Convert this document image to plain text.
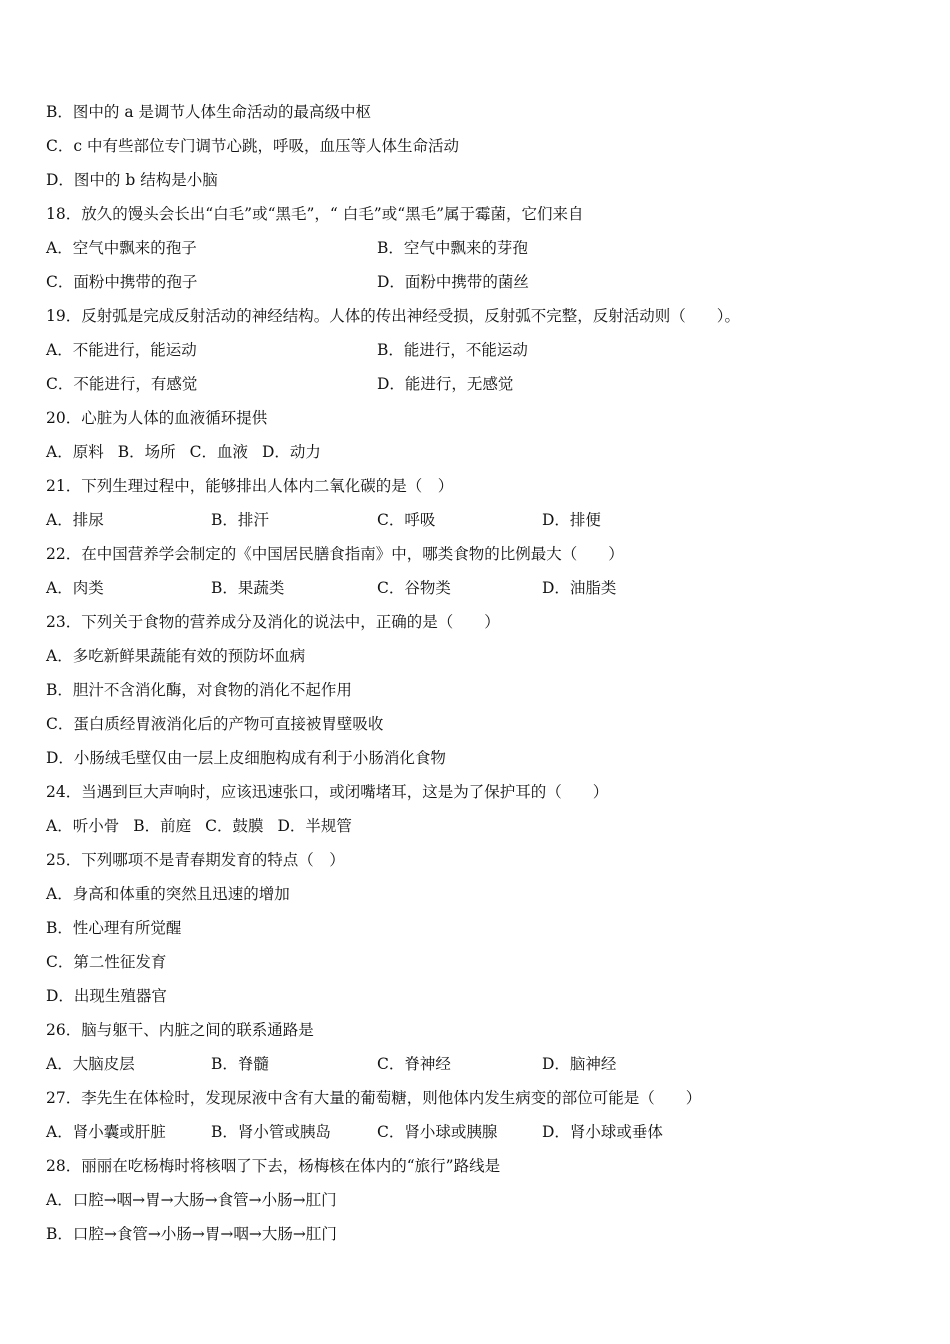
B．图中的 a 是调节人体生命活动的最高级中枢
C．c 中有些部位专门调节心跳，呼吸，血压等人体生命活动
D．图中的 b 结构是小脑
18．放久的馒头会长出“白毛”或“黑毛”，“ 白毛”或“黑毛”属于霉菌，它们来自
A．空气中飘来的孢子	B．空气中飘来的芽孢
C．面粉中携带的孢子	D．面粉中携带的菌丝
19．反射弧是完成反射活动的神经结构。人体的传出神经受损，反射弧不完整，反射活动则（　　）。
A．不能进行，能运动	B．能进行，不能运动
C．不能进行，有感觉	D．能进行，无感觉
20．心脏为人体的血液循环提供
A．原料 B．场所 C．血液 D．动力
21．下列生理过程中，能够排出人体内二氧化碳的是（　）
A．排尿	B．排汗	C．呼吸	D．排便
22．在中国营养学会制定的《中国居民膳食指南》中，哪类食物的比例最大（　　）
A．肉类	B．果蔬类	C．谷物类	D．油脂类
23．下列关于食物的营养成分及消化的说法中，正确的是（　　）
A．多吃新鲜果蔬能有效的预防坏血病
B．胆汁不含消化酶，对食物的消化不起作用
C．蛋白质经胃液消化后的产物可直接被胃壁吸收
D．小肠绒毛壁仅由一层上皮细胞构成有利于小肠消化食物
24．当遇到巨大声响时，应该迅速张口，或闭嘴堵耳，这是为了保护耳的（　　）
A．听小骨 B．前庭 C．鼓膜 D．半规管
25．下列哪项不是青春期发育的特点（　）
A．身高和体重的突然且迅速的增加
B．性心理有所觉醒
C．第二性征发育
D．出现生殖器官
26．脑与躯干、内脏之间的联系通路是
A．大脑皮层	B．脊髓	C．脊神经	D．脑神经
27．李先生在体检时，发现尿液中含有大量的葡萄糖，则他体内发生病变的部位可能是（　　）
A．肾小囊或肝脏	B．肾小管或胰岛	C．肾小球或胰腺	D．肾小球或垂体
28．丽丽在吃杨梅时将核咽了下去，杨梅核在体内的“旅行”路线是
A．口腔→咽→胃→大肠→食管→小肠→肛门
B．口腔→食管→小肠→胃→咽→大肠→肛门
